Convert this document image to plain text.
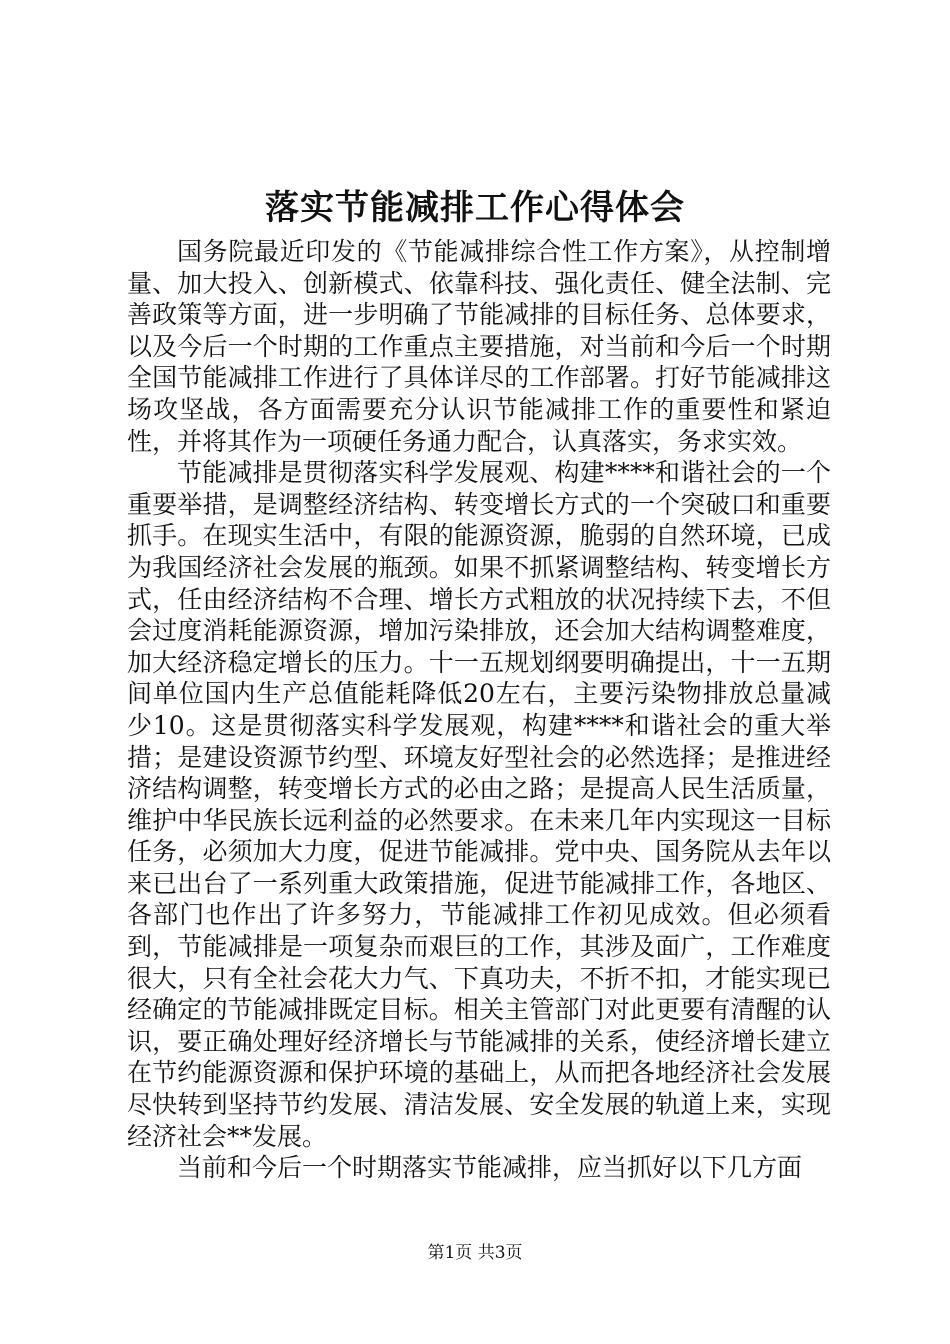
落实节能减排工作心得体会

国务院最近印发的《节能减排综合性工作方案》，从控制增量、加大投入、创新模式、依靠科技、强化责任、健全法制、完善政策等方面，进一步明确了节能减排的目标任务、总体要求，以及今后一个时期的工作重点主要措施，对当前和今后一个时期全国节能减排工作进行了具体详尽的工作部署。打好节能减排这场攻坚战，各方面需要充分认识节能减排工作的重要性和紧迫性，并将其作为一项硬任务通力配合，认真落实，务求实效。

节能减排是贯彻落实科学发展观、构建****和谐社会的一个重要举措，是调整经济结构、转变增长方式的一个突破口和重要抓手。在现实生活中，有限的能源资源，脆弱的自然环境，已成为我国经济社会发展的瓶颈。如果不抓紧调整结构、转变增长方式，任由经济结构不合理、增长方式粗放的状况持续下去，不但会过度消耗能源资源，增加污染排放，还会加大结构调整难度，加大经济稳定增长的压力。十一五规划纲要明确提出，十一五期间单位国内生产总值能耗降低20左右，主要污染物排放总量减少10。这是贯彻落实科学发展观，构建****和谐社会的重大举措；是建设资源节约型、环境友好型社会的必然选择；是推进经济结构调整，转变增长方式的必由之路；是提高人民生活质量，维护中华民族长远利益的必然要求。在未来几年内实现这一目标任务，必须加大力度，促进节能减排。党中央、国务院从去年以来已出台了一系列重大政策措施，促进节能减排工作，各地区、各部门也作出了许多努力，节能减排工作初见成效。但必须看到，节能减排是一项复杂而艰巨的工作，其涉及面广，工作难度很大，只有全社会花大力气、下真功夫，不折不扣，才能实现已经确定的节能减排既定目标。相关主管部门对此更要有清醒的认识，要正确处理好经济增长与节能减排的关系，使经济增长建立在节约能源资源和保护环境的基础上，从而把各地经济社会发展尽快转到坚持节约发展、清洁发展、安全发展的轨道上来，实现经济社会**发展。

当前和今后一个时期落实节能减排，应当抓好以下几方面

第1页 共3页
